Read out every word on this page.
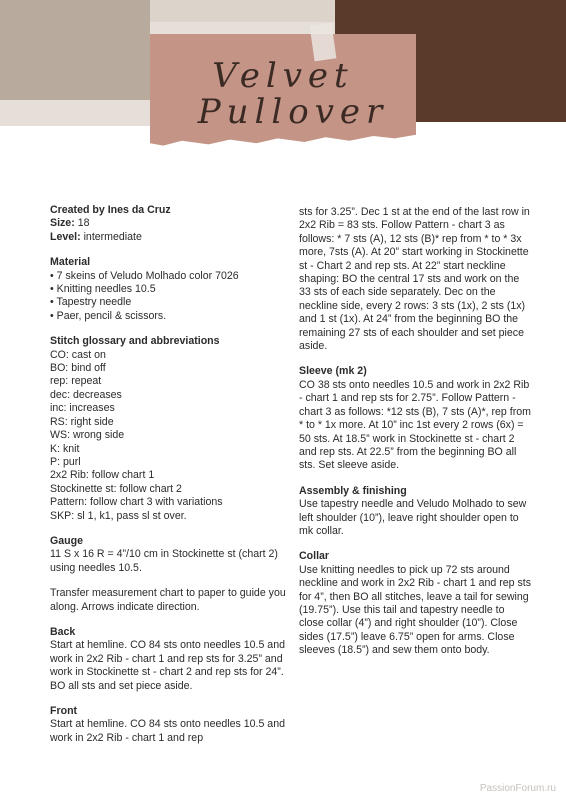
Velvet
Pullover
Created by Ines da Cruz
Size: 18
Level: intermediate
Material
• 7 skeins of Veludo Molhado color 7026
• Knitting needles 10.5
• Tapestry needle
• Paer, pencil & scissors.
Stitch glossary and abbreviations
CO: cast on
BO: bind off
rep: repeat
dec: decreases
inc: increases
RS: right side
WS: wrong side
K: knit
P: purl
2x2 Rib: follow chart 1
Stockinette st: follow chart 2
Pattern: follow chart 3 with variations
SKP: sl 1, k1, pass sl st over.
Gauge
11 S x 16 R = 4”/10 cm in Stockinette st (chart 2) using needles 10.5.
Transfer measurement chart to paper to guide you along. Arrows indicate direction.
Back
Start at hemline. CO 84 sts onto needles 10.5 and work in 2x2 Rib - chart 1 and rep sts for 3.25” and work in Stockinette st - chart 2 and rep sts for 24”. BO all sts and set piece aside.
Front
Start at hemline. CO 84 sts onto needles 10.5 and work in 2x2 Rib - chart 1 and rep
sts for 3.25”. Dec 1 st at the end of the last row in 2x2 Rib = 83 sts. Follow Pattern - chart 3 as follows: * 7 sts (A), 12 sts (B)* rep from * to * 3x more, 7sts (A). At 20” start working in Stockinette st - Chart 2 and rep sts. At 22” start neckline shaping: BO the central 17 sts and work on the 33 sts of each side separately. Dec on the neckline side, every 2 rows: 3 sts (1x), 2 sts (1x) and 1 st (1x). At 24” from the beginning BO the remaining 27 sts of each shoulder and set piece aside.
Sleeve (mk 2)
CO 38 sts onto needles 10.5 and work in 2x2 Rib - chart 1 and rep sts for 2.75”. Follow Pattern - chart 3 as follows: *12 sts (B), 7 sts (A)*, rep from * to * 1x more. At 10” inc 1st every 2 rows (6x) = 50 sts. At 18.5” work in Stockinette st - chart 2 and rep sts. At 22.5” from the beginning BO all sts. Set sleeve aside.
Assembly & finishing
Use tapestry needle and Veludo Molhado to sew left shoulder (10”), leave right shoulder open to mk collar.
Collar
Use knitting needles to pick up 72 sts around neckline and work in 2x2 Rib - chart 1 and rep sts for 4”, then BO all stitches, leave a tail for sewing (19.75”). Use this tail and tapestry needle to close collar (4”) and right shoulder (10”). Close sides (17.5”) leave 6.75” open for arms. Close sleeves (18.5”) and sew them onto body.
PassionForum.ru
